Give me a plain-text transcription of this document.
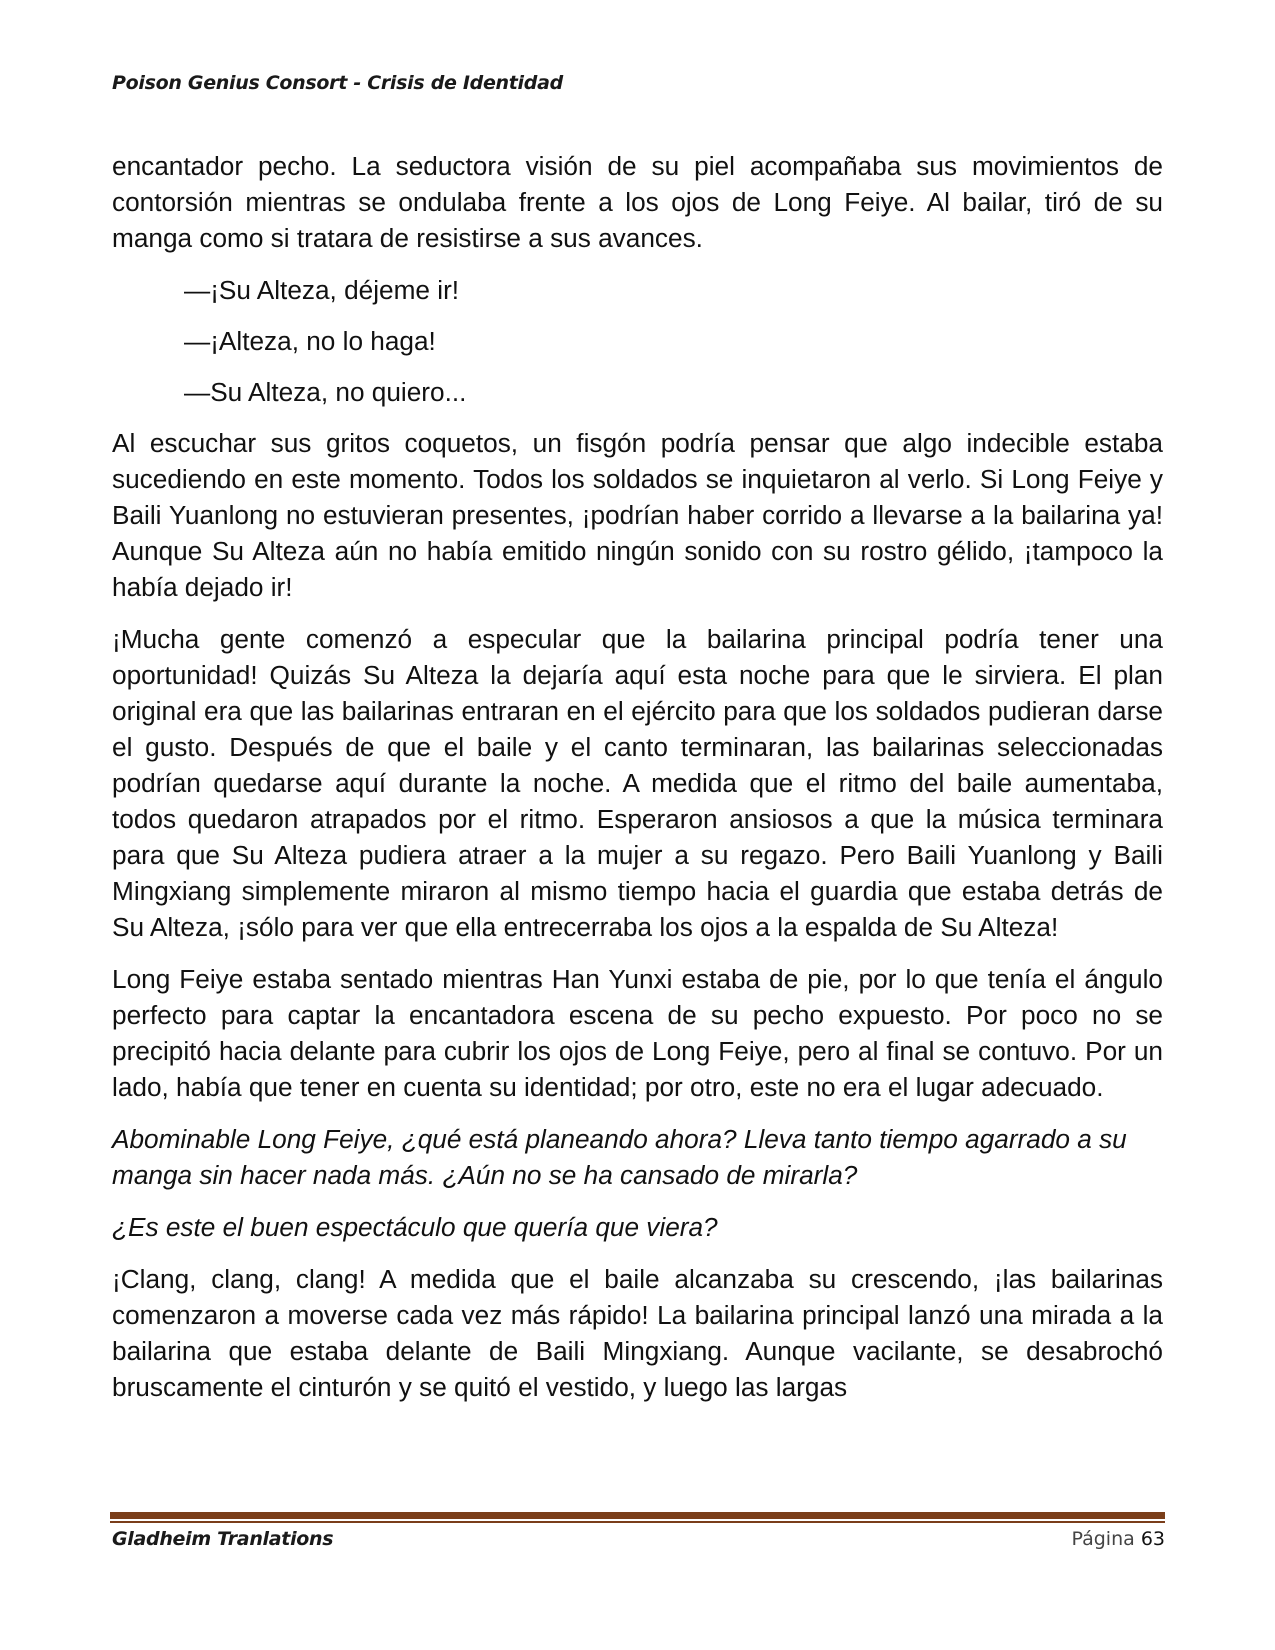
Poison Genius Consort - Crisis de Identidad

encantador pecho. La seductora visión de su piel acompañaba sus movimientos de contorsión mientras se ondulaba frente a los ojos de Long Feiye. Al bailar, tiró de su manga como si tratara de resistirse a sus avances.

—¡Su Alteza, déjeme ir!

—¡Alteza, no lo haga!

—Su Alteza, no quiero...

Al escuchar sus gritos coquetos, un fisgón podría pensar que algo indecible estaba sucediendo en este momento. Todos los soldados se inquietaron al verlo. Si Long Feiye y Baili Yuanlong no estuvieran presentes, ¡podrían haber corrido a llevarse a la bailarina ya! Aunque Su Alteza aún no había emitido ningún sonido con su rostro gélido, ¡tampoco la había dejado ir!

¡Mucha gente comenzó a especular que la bailarina principal podría tener una oportunidad! Quizás Su Alteza la dejaría aquí esta noche para que le sirviera. El plan original era que las bailarinas entraran en el ejército para que los soldados pudieran darse el gusto. Después de que el baile y el canto terminaran, las bailarinas seleccionadas podrían quedarse aquí durante la noche. A medida que el ritmo del baile aumentaba, todos quedaron atrapados por el ritmo. Esperaron ansiosos a que la música terminara para que Su Alteza pudiera atraer a la mujer a su regazo. Pero Baili Yuanlong y Baili Mingxiang simplemente miraron al mismo tiempo hacia el guardia que estaba detrás de Su Alteza, ¡sólo para ver que ella entrecerraba los ojos a la espalda de Su Alteza!

Long Feiye estaba sentado mientras Han Yunxi estaba de pie, por lo que tenía el ángulo perfecto para captar la encantadora escena de su pecho expuesto. Por poco no se precipitó hacia delante para cubrir los ojos de Long Feiye, pero al final se contuvo. Por un lado, había que tener en cuenta su identidad; por otro, este no era el lugar adecuado.

Abominable Long Feiye, ¿qué está planeando ahora? Lleva tanto tiempo agarrado a su manga sin hacer nada más. ¿Aún no se ha cansado de mirarla?

¿Es este el buen espectáculo que quería que viera?

¡Clang, clang, clang! A medida que el baile alcanzaba su crescendo, ¡las bailarinas comenzaron a moverse cada vez más rápido! La bailarina principal lanzó una mirada a la bailarina que estaba delante de Baili Mingxiang. Aunque vacilante, se desabrochó bruscamente el cinturón y se quitó el vestido, y luego las largas

Gladheim Tranlations	Página 63
